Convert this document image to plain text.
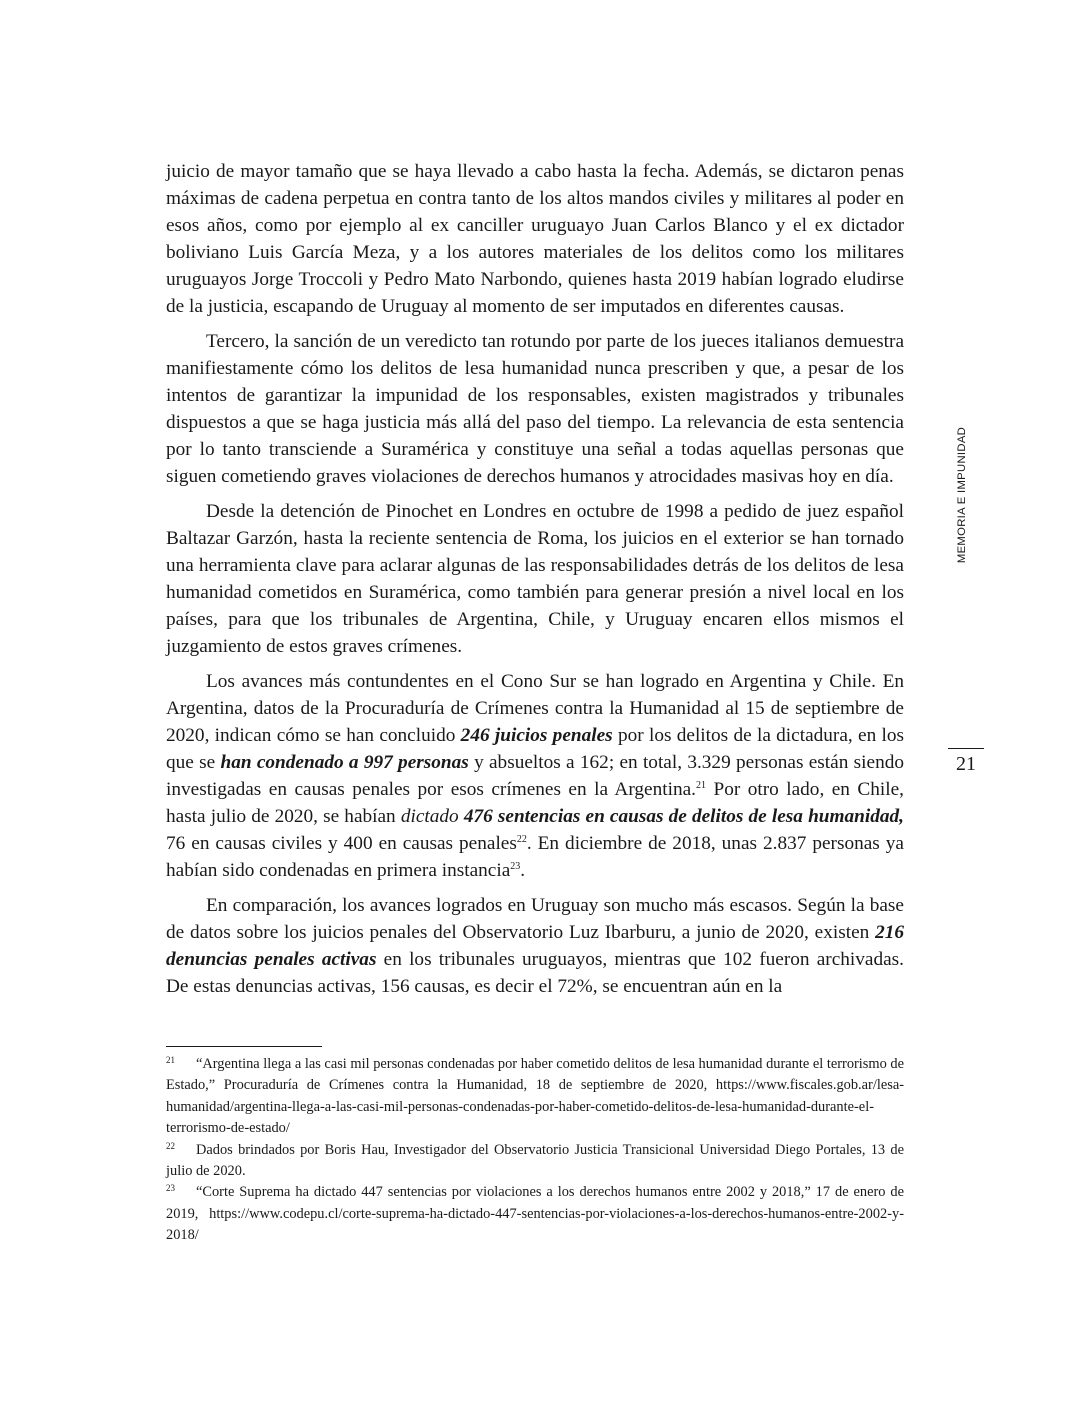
juicio de mayor tamaño que se haya llevado a cabo hasta la fecha. Además, se dictaron penas máximas de cadena perpetua en contra tanto de los altos mandos civiles y militares al poder en esos años, como por ejemplo al ex canciller uruguayo Juan Carlos Blanco y el ex dictador boliviano Luis García Meza, y a los autores materiales de los delitos como los militares uruguayos Jorge Troccoli y Pedro Mato Narbondo, quienes hasta 2019 habían logrado eludirse de la justicia, escapando de Uruguay al momento de ser imputados en diferentes causas.

Tercero, la sanción de un veredicto tan rotundo por parte de los jueces italianos demuestra manifiestamente cómo los delitos de lesa humanidad nunca prescriben y que, a pesar de los intentos de garantizar la impunidad de los responsables, existen magistrados y tribunales dispuestos a que se haga justicia más allá del paso del tiempo. La relevancia de esta sentencia por lo tanto transciende a Suramérica y constituye una señal a todas aquellas personas que siguen cometiendo graves violaciones de derechos humanos y atrocidades masivas hoy en día.

Desde la detención de Pinochet en Londres en octubre de 1998 a pedido de juez español Baltazar Garzón, hasta la reciente sentencia de Roma, los juicios en el exterior se han tornado una herramienta clave para aclarar algunas de las responsabilidades detrás de los delitos de lesa humanidad cometidos en Suramérica, como también para generar presión a nivel local en los países, para que los tribunales de Argentina, Chile, y Uruguay encaren ellos mismos el juzgamiento de estos graves crímenes.

Los avances más contundentes en el Cono Sur se han logrado en Argentina y Chile. En Argentina, datos de la Procuraduría de Crímenes contra la Humanidad al 15 de septiembre de 2020, indican cómo se han concluido 246 juicios penales por los delitos de la dictadura, en los que se han condenado a 997 personas y absueltos a 162; en total, 3.329 personas están siendo investigadas en causas penales por esos crímenes en la Argentina.$^{21}$ Por otro lado, en Chile, hasta julio de 2020, se habían dictado 476 sentencias en causas de delitos de lesa humanidad, 76 en causas civiles y 400 en causas penales$^{22}$. En diciembre de 2018, unas 2.837 personas ya habían sido condenadas en primera instancia$^{23}$.

En comparación, los avances logrados en Uruguay son mucho más escasos. Según la base de datos sobre los juicios penales del Observatorio Luz Ibarburu, a junio de 2020, existen 216 denuncias penales activas en los tribunales uruguayos, mientras que 102 fueron archivadas. De estas denuncias activas, 156 causas, es decir el 72%, se encuentran aún en la

21 “Argentina llega a las casi mil personas condenadas por haber cometido delitos de lesa humanidad durante el terrorismo de Estado,” Procuraduría de Crímenes contra la Humanidad, 18 de septiembre de 2020, https://www.fiscales.gob.ar/lesa-humanidad/argentina-llega-a-las-casi-mil-personas-condenadas-por-haber-cometido-delitos-de-lesa-humanidad-durante-el-terrorismo-de-estado/

22 Dados brindados por Boris Hau, Investigador del Observatorio Justicia Transicional Universidad Diego Portales, 13 de julio de 2020.

23 “Corte Suprema ha dictado 447 sentencias por violaciones a los derechos humanos entre 2002 y 2018,” 17 de enero de 2019, https://www.codepu.cl/corte-suprema-ha-dictado-447-sentencias-por-violaciones-a-los-derechos-humanos-entre-2002-y-2018/

MEMORIA E IMPUNIDAD
21
